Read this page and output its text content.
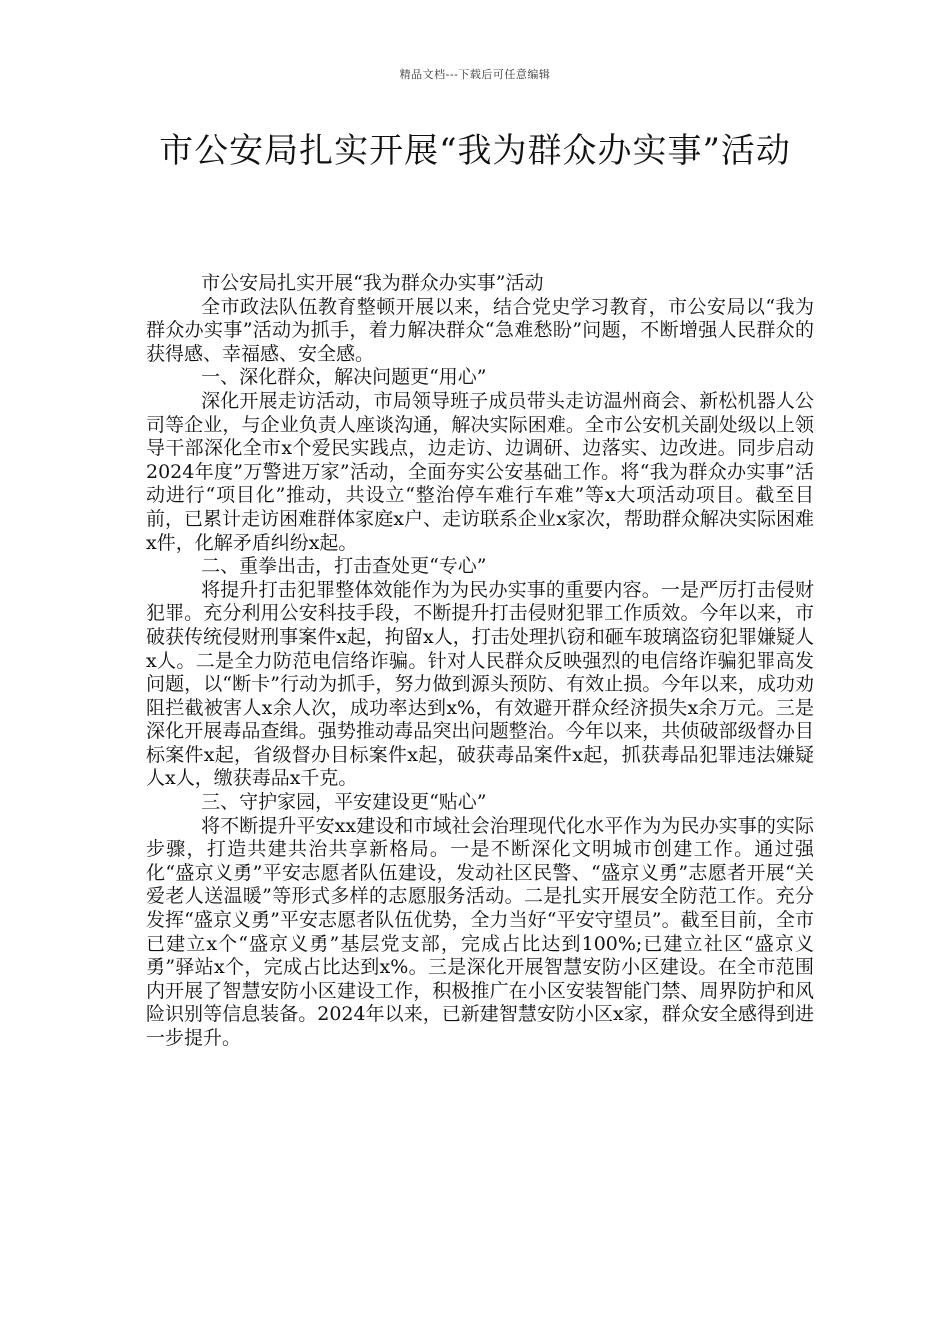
精品文档---下载后可任意编辑
市公安局扎实开展“我为群众办实事”活动

市公安局扎实开展“我为群众办实事”活动

全市政法队伍教育整顿开展以来，结合党史学习教育，市公安局以“我为群众办实事”活动为抓手，着力解决群众“急难愁盼”问题，不断增强人民群众的获得感、幸福感、安全感。

一、深化群众，解决问题更“用心”

深化开展走访活动，市局领导班子成员带头走访温州商会、新松机器人公司等企业，与企业负责人座谈沟通，解决实际困难。全市公安机关副处级以上领导干部深化全市x个爱民实践点，边走访、边调研、边落实、边改进。同步启动2024年度”万警进万家”活动，全面夯实公安基础工作。将“我为群众办实事”活动进行“项目化”推动，共设立“整治停车难行车难”等x大项活动项目。截至目前，已累计走访困难群体家庭x户、走访联系企业x家次，帮助群众解决实际困难x件，化解矛盾纠纷x起。

二、重拳出击，打击查处更“专心”

将提升打击犯罪整体效能作为为民办实事的重要内容。一是严厉打击侵财犯罪。充分利用公安科技手段，不断提升打击侵财犯罪工作质效。今年以来，市破获传统侵财刑事案件x起，拘留x人，打击处理扒窃和砸车玻璃盗窃犯罪嫌疑人x人。二是全力防范电信络诈骗。针对人民群众反映强烈的电信络诈骗犯罪高发问题，以“断卡”行动为抓手，努力做到源头预防、有效止损。今年以来，成功劝阻拦截被害人x余人次，成功率达到x%，有效避开群众经济损失x余万元。三是深化开展毒品查缉。强势推动毒品突出问题整治。今年以来，共侦破部级督办目标案件x起，省级督办目标案件x起，破获毒品案件x起，抓获毒品犯罪违法嫌疑人x人，缴获毒品x千克。

三、守护家园，平安建设更“贴心”

将不断提升平安xx建设和市域社会治理现代化水平作为为民办实事的实际步骤，打造共建共治共享新格局。一是不断深化文明城市创建工作。通过强化“盛京义勇”平安志愿者队伍建设，发动社区民警、“盛京义勇”志愿者开展“关爱老人送温暖”等形式多样的志愿服务活动。二是扎实开展安全防范工作。充分发挥“盛京义勇”平安志愿者队伍优势，全力当好“平安守望员”。截至目前，全市已建立x个“盛京义勇”基层党支部，完成占比达到100%;已建立社区“盛京义勇”驿站x个，完成占比达到x%。三是深化开展智慧安防小区建设。在全市范围内开展了智慧安防小区建设工作，积极推广在小区安装智能门禁、周界防护和风险识别等信息装备。2024年以来，已新建智慧安防小区x家，群众安全感得到进一步提升。
